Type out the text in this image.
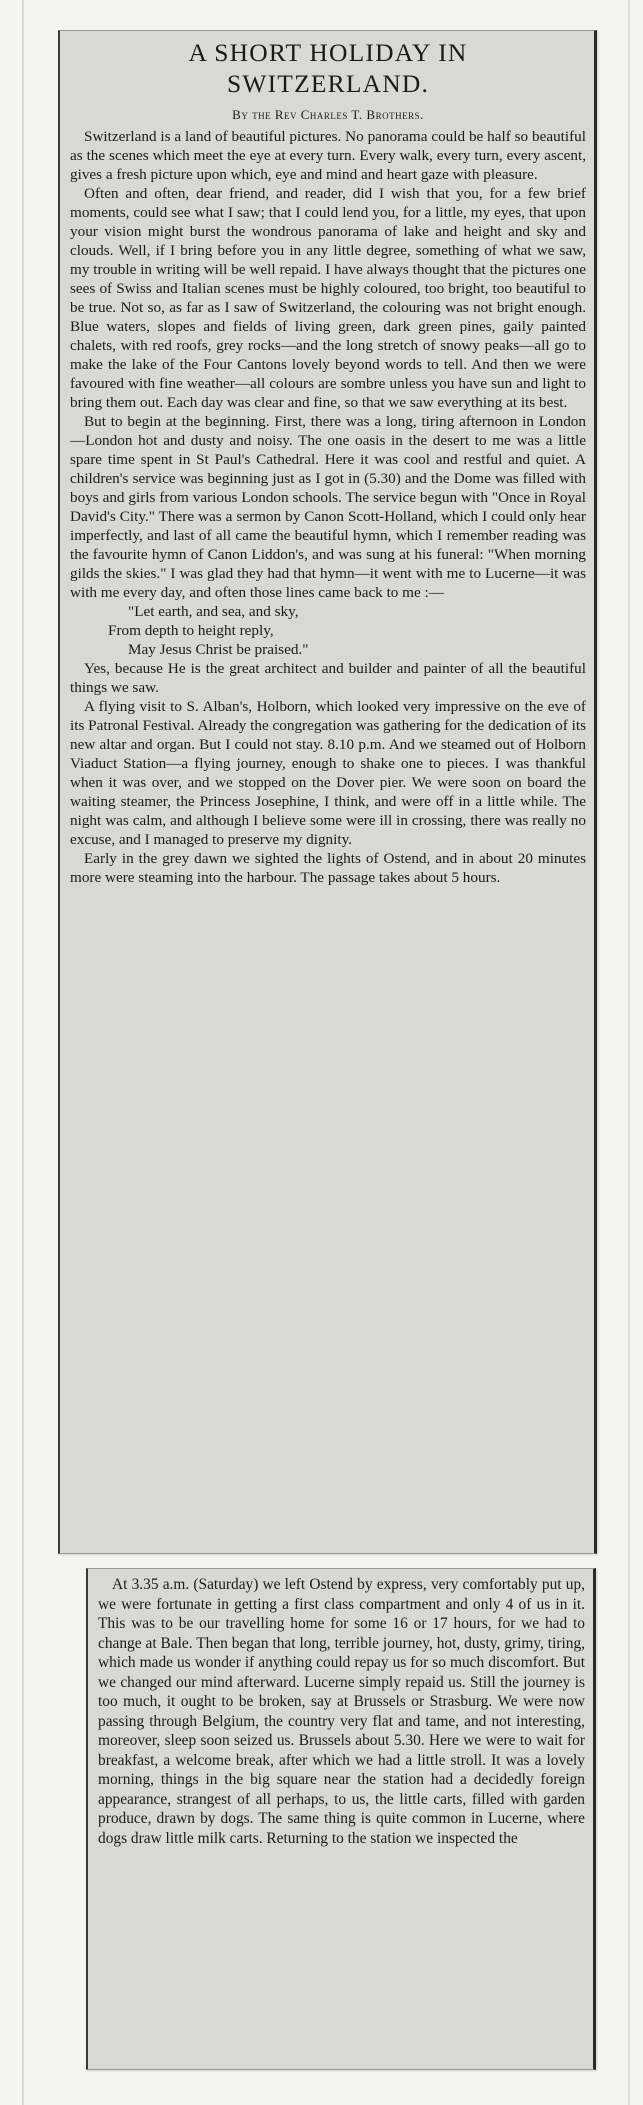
A SHORT HOLIDAY IN
SWITZERLAND.
By the Rev Charles T. Brothers.

Switzerland is a land of beautiful pictures. No panorama could be half so beautiful as the scenes which meet the eye at every turn. Every walk, every turn, every ascent, gives a fresh picture upon which, eye and mind and heart gaze with pleasure.

Often and often, dear friend, and reader, did I wish that you, for a few brief moments, could see what I saw; that I could lend you, for a little, my eyes, that upon your vision might burst the wondrous panorama of lake and height and sky and clouds. Well, if I bring before you in any little degree, something of what we saw, my trouble in writing will be well repaid. I have always thought that the pictures one sees of Swiss and Italian scenes must be highly coloured, too bright, too beautiful to be true. Not so, as far as I saw of Switzerland, the colouring was not bright enough. Blue waters, slopes and fields of living green, dark green pines, gaily painted chalets, with red roofs, grey rocks—and the long stretch of snowy peaks—all go to make the lake of the Four Cantons lovely beyond words to tell. And then we were favoured with fine weather—all colours are sombre unless you have sun and light to bring them out. Each day was clear and fine, so that we saw everything at its best.

But to begin at the beginning. First, there was a long, tiring afternoon in London—London hot and dusty and noisy. The one oasis in the desert to me was a little spare time spent in St Paul's Cathedral. Here it was cool and restful and quiet. A children's service was beginning just as I got in (5.30) and the Dome was filled with boys and girls from various London schools. The service begun with "Once in Royal David's City." There was a sermon by Canon Scott-Holland, which I could only hear imperfectly, and last of all came the beautiful hymn, which I remember reading was the favourite hymn of Canon Liddon's, and was sung at his funeral: "When morning gilds the skies." I was glad they had that hymn—it went with me to Lucerne—it was with me every day, and often those lines came back to me :—

"Let earth, and sea, and sky,

From depth to height reply,

May Jesus Christ be praised."

Yes, because He is the great architect and builder and painter of all the beautiful things we saw.

A flying visit to S. Alban's, Holborn, which looked very impressive on the eve of its Patronal Festival. Already the congregation was gathering for the dedication of its new altar and organ. But I could not stay. 8.10 p.m. And we steamed out of Holborn Viaduct Station—a flying journey, enough to shake one to pieces. I was thankful when it was over, and we stopped on the Dover pier. We were soon on board the waiting steamer, the Princess Josephine, I think, and were off in a little while. The night was calm, and although I believe some were ill in crossing, there was really no excuse, and I managed to preserve my dignity.

Early in the grey dawn we sighted the lights of Ostend, and in about 20 minutes more were steaming into the harbour. The passage takes about 5 hours.

At 3.35 a.m. (Saturday) we left Ostend by express, very comfortably put up, we were fortunate in getting a first class compartment and only 4 of us in it. This was to be our travelling home for some 16 or 17 hours, for we had to change at Bale. Then began that long, terrible journey, hot, dusty, grimy, tiring, which made us wonder if anything could repay us for so much discomfort. But we changed our mind afterward. Lucerne simply repaid us. Still the journey is too much, it ought to be broken, say at Brussels or Strasburg. We were now passing through Belgium, the country very flat and tame, and not interesting, moreover, sleep soon seized us. Brussels about 5.30. Here we were to wait for breakfast, a welcome break, after which we had a little stroll. It was a lovely morning, things in the big square near the station had a decidedly foreign appearance, strangest of all perhaps, to us, the little carts, filled with garden produce, drawn by dogs. The same thing is quite common in Lucerne, where dogs draw little milk carts. Returning to the station we inspected the
